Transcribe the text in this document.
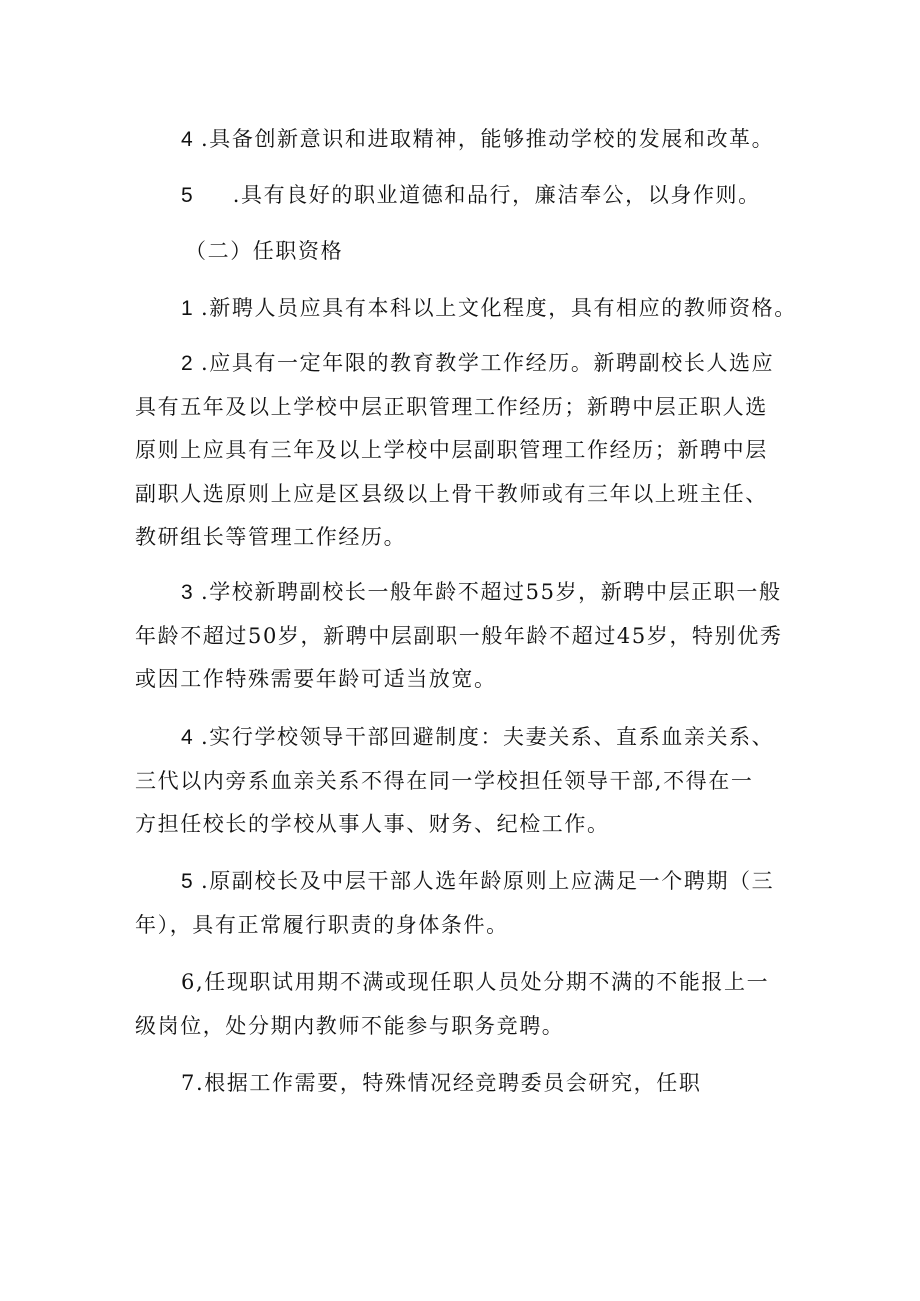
4 .具备创新意识和进取精神，能够推动学校的发展和改革。

5 .具有良好的职业道德和品行，廉洁奉公，以身作则。

（二）任职资格

1 .新聘人员应具有本科以上文化程度，具有相应的教师资格。

2 .应具有一定年限的教育教学工作经历。新聘副校长人选应
具有五年及以上学校中层正职管理工作经历；新聘中层正职人选
原则上应具有三年及以上学校中层副职管理工作经历；新聘中层
副职人选原则上应是区县级以上骨干教师或有三年以上班主任、
教研组长等管理工作经历。

3 .学校新聘副校长一般年龄不超过55岁，新聘中层正职一般
年龄不超过50岁，新聘中层副职一般年龄不超过45岁，特别优秀
或因工作特殊需要年龄可适当放宽。

4 .实行学校领导干部回避制度：夫妻关系、直系血亲关系、
三代以内旁系血亲关系不得在同一学校担任领导干部,不得在一
方担任校长的学校从事人事、财务、纪检工作。

5 .原副校长及中层干部人选年龄原则上应满足一个聘期（三
年），具有正常履行职责的身体条件。

6,任现职试用期不满或现任职人员处分期不满的不能报上一
级岗位，处分期内教师不能参与职务竞聘。

7.根据工作需要，特殊情况经竞聘委员会研究，任职
